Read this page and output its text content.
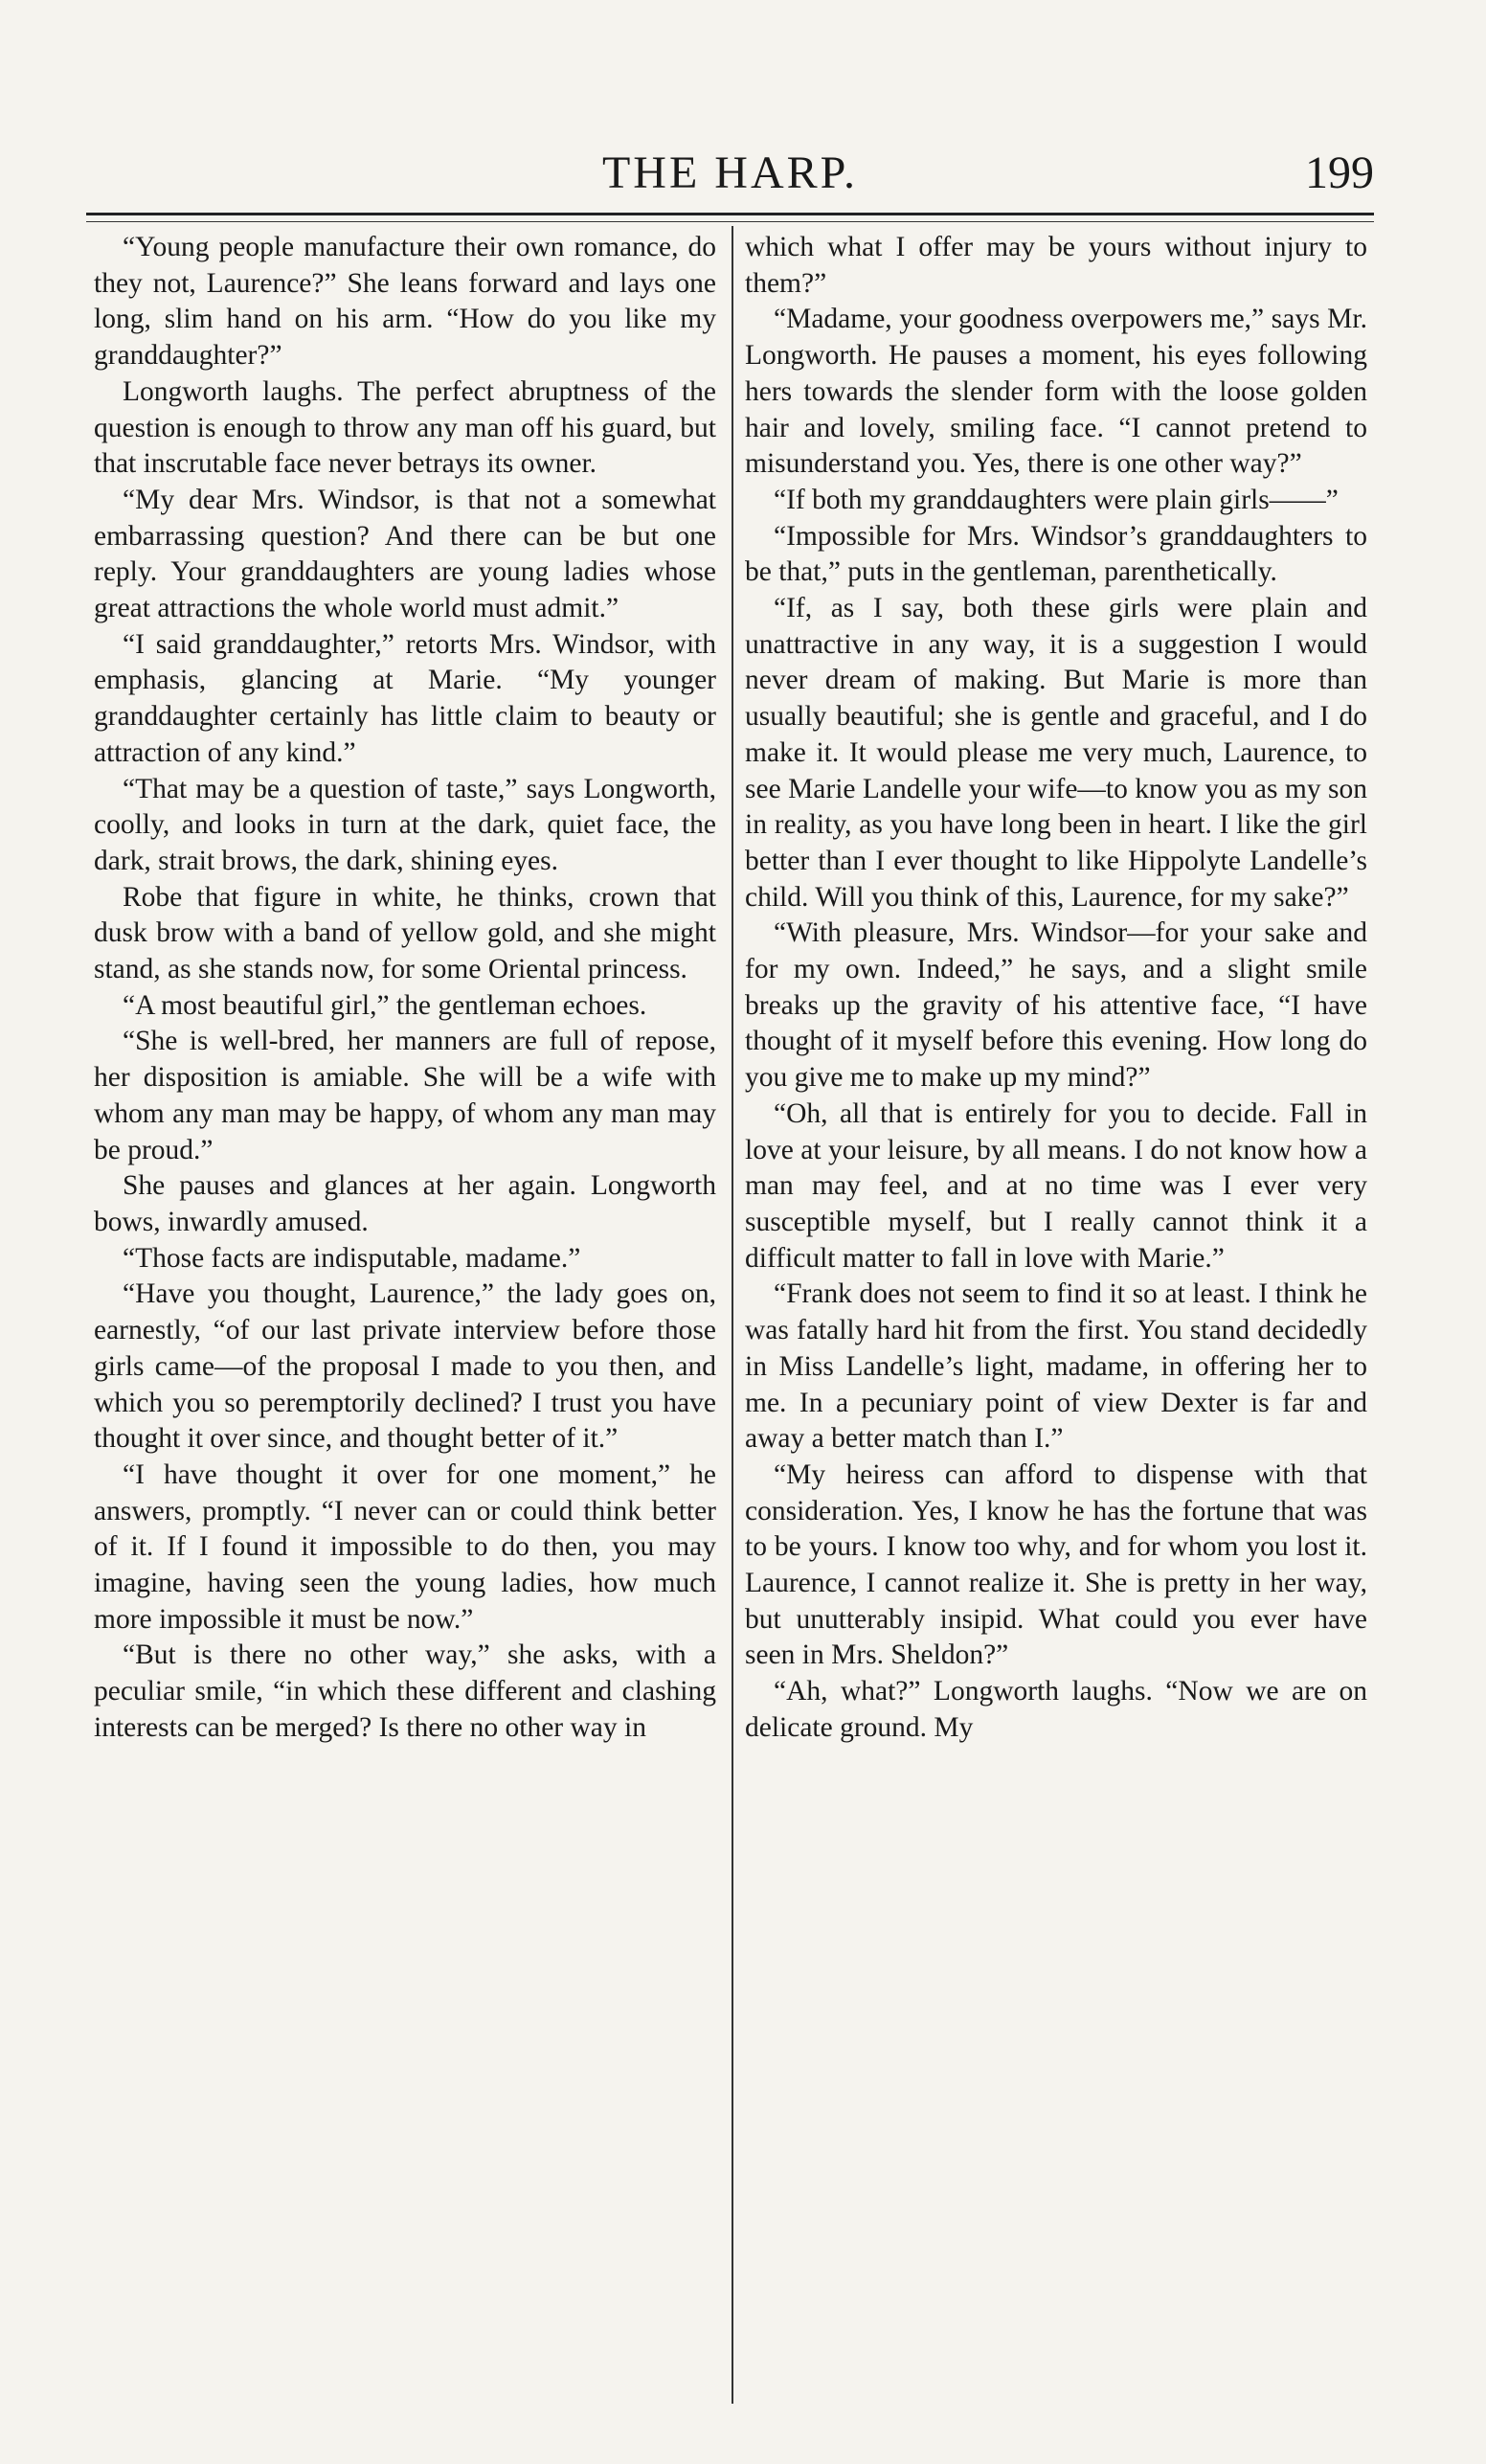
THE HARP.	199

“Young people manufacture their own romance, do they not, Laurence?” She leans forward and lays one long, slim hand on his arm. “How do you like my granddaughter?”

Longworth laughs. The perfect abruptness of the question is enough to throw any man off his guard, but that inscrutable face never betrays its owner.

“My dear Mrs. Windsor, is that not a somewhat embarrassing question? And there can be but one reply. Your granddaughters are young ladies whose great attractions the whole world must admit.”

“I said granddaughter,” retorts Mrs. Windsor, with emphasis, glancing at Marie. “My younger granddaughter certainly has little claim to beauty or attraction of any kind.”

“That may be a question of taste,” says Longworth, coolly, and looks in turn at the dark, quiet face, the dark, strait brows, the dark, shining eyes.

Robe that figure in white, he thinks, crown that dusk brow with a band of yellow gold, and she might stand, as she stands now, for some Oriental princess.

“A most beautiful girl,” the gentleman echoes.

“She is well-bred, her manners are full of repose, her disposition is amiable. She will be a wife with whom any man may be happy, of whom any man may be proud.”

She pauses and glances at her again. Longworth bows, inwardly amused.

“Those facts are indisputable, madame.”

“Have you thought, Laurence,” the lady goes on, earnestly, “of our last private interview before those girls came—of the proposal I made to you then, and which you so peremptorily declined? I trust you have thought it over since, and thought better of it.”

“I have thought it over for one moment,” he answers, promptly. “I never can or could think better of it. If I found it impossible to do then, you may imagine, having seen the young ladies, how much more impossible it must be now.”

“But is there no other way,” she asks, with a peculiar smile, “in which these different and clashing interests can be merged? Is there no other way in

which what I offer may be yours without injury to them?”

“Madame, your goodness overpowers me,” says Mr. Longworth. He pauses a moment, his eyes following hers towards the slender form with the loose golden hair and lovely, smiling face. “I cannot pretend to misunderstand you. Yes, there is one other way?”

“If both my granddaughters were plain girls——”

“Impossible for Mrs. Windsor’s granddaughters to be that,” puts in the gentleman, parenthetically.

“If, as I say, both these girls were plain and unattractive in any way, it is a suggestion I would never dream of making. But Marie is more than usually beautiful; she is gentle and graceful, and I do make it. It would please me very much, Laurence, to see Marie Landelle your wife—to know you as my son in reality, as you have long been in heart. I like the girl better than I ever thought to like Hippolyte Landelle’s child. Will you think of this, Laurence, for my sake?”

“With pleasure, Mrs. Windsor—for your sake and for my own. Indeed,” he says, and a slight smile breaks up the gravity of his attentive face, “I have thought of it myself before this evening. How long do you give me to make up my mind?”

“Oh, all that is entirely for you to decide. Fall in love at your leisure, by all means. I do not know how a man may feel, and at no time was I ever very susceptible myself, but I really cannot think it a difficult matter to fall in love with Marie.”

“Frank does not seem to find it so at least. I think he was fatally hard hit from the first. You stand decidedly in Miss Landelle’s light, madame, in offering her to me. In a pecuniary point of view Dexter is far and away a better match than I.”

“My heiress can afford to dispense with that consideration. Yes, I know he has the fortune that was to be yours. I know too why, and for whom you lost it. Laurence, I cannot realize it. She is pretty in her way, but unutterably insipid. What could you ever have seen in Mrs. Sheldon?”

“Ah, what?” Longworth laughs. “Now we are on delicate ground. My
